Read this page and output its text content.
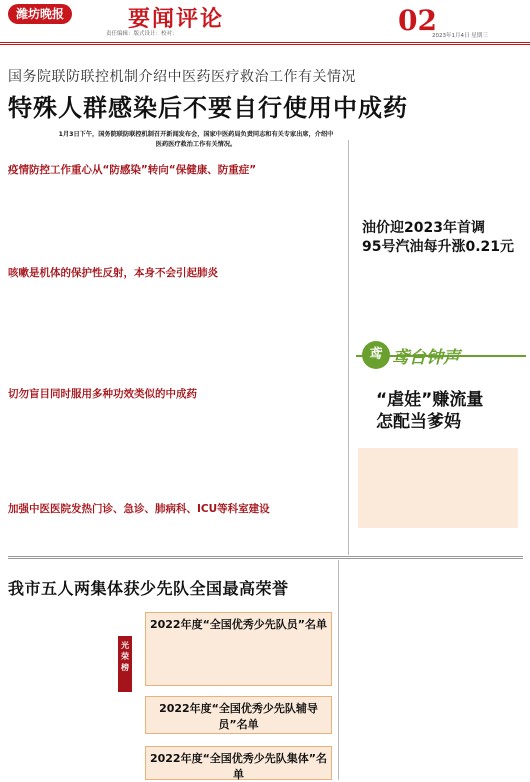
潍坊晚报	要闻评论
责任编辑：版式设计：校对：	02
2023年1月4日 星期三
国务院联防联控机制介绍中医药医疗救治工作有关情况
特殊人群感染后不要自行使用中成药
1月3日下午，国务院联防联控机制召开新闻发布会，国家中医药局负责同志和有关专家出席，介绍中医药医疗救治工作有关情况。
疫情防控工作重心从“防感染”转向“保健康、防重症”
咳嗽是机体的保护性反射，本身不会引起肺炎
切勿盲目同时服用多种功效类似的中成药
加强中医医院发热门诊、急诊、肺病科、ICU等科室建设
油价迎2023年首调
95号汽油每升涨0.21元
鸢 鸢台钟声
“虐娃”赚流量
怎配当爹妈
我市五人两集体获少先队全国最高荣誉
光荣榜
2022年度“全国优秀少先队员”名单
2022年度“全国优秀少先队辅导员”名单
2022年度“全国优秀少先队集体”名单
